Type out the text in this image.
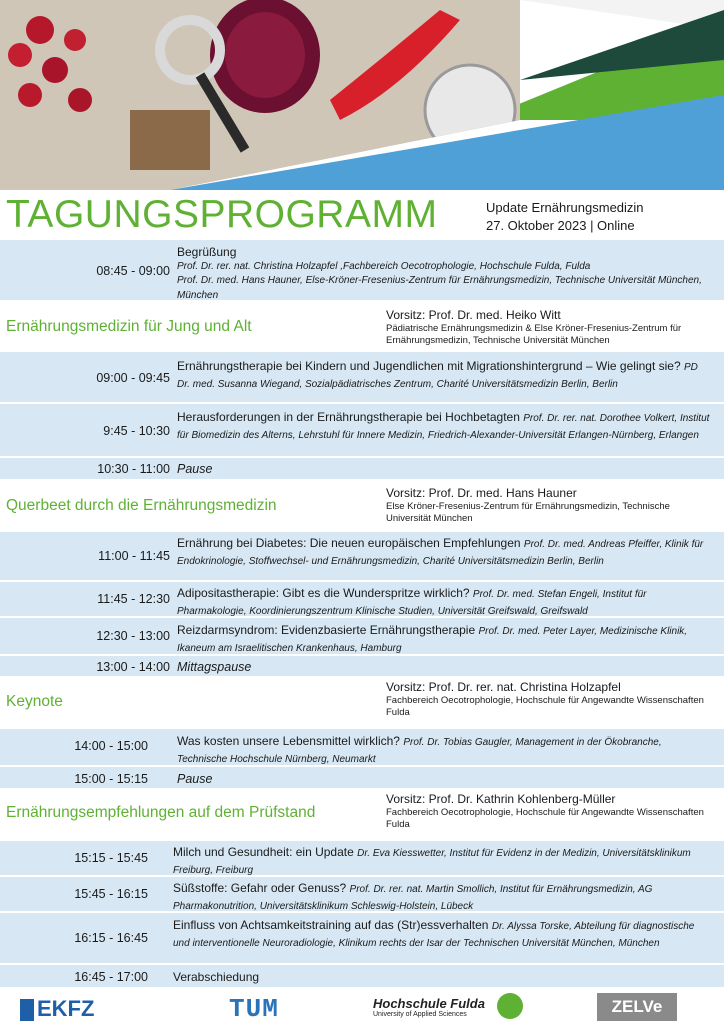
TAGUNGSPROGRAMM	Update Ernährungsmedizin
27. Oktober 2023 | Online
08:45 - 09:00
Begrüßung
Prof. Dr. rer. nat. Christina Holzapfel ,Fachbereich Oecotrophologie, Hochschule Fulda, Fulda
Prof. Dr. med. Hans Hauner, Else-Kröner-Fresenius-Zentrum für Ernährungsmedizin, Technische Universität München, München
Ernährungsmedizin für Jung und Alt
Vorsitz: Prof. Dr. med. Heiko Witt
Pädiatrische Ernährungsmedizin & Else Kröner-Fresenius-Zentrum für Ernährungsmedizin, Technische Universität München
09:00 - 09:45
Ernährungstherapie bei Kindern und Jugendlichen mit Migrationshintergrund – Wie gelingt sie? PD Dr. med. Susanna Wiegand, Sozialpädiatrisches Zentrum, Charité Universitätsmedizin Berlin, Berlin
9:45 - 10:30
Herausforderungen in der Ernährungstherapie bei Hochbetagten Prof. Dr. rer. nat. Dorothee Volkert, Institut für Biomedizin des Alterns, Lehrstuhl für Innere Medizin, Friedrich-Alexander-Universität Erlangen-Nürnberg, Erlangen
10:30 - 11:00 Pause
Querbeet durch die Ernährungsmedizin
Vorsitz: Prof. Dr. med. Hans Hauner
Else Kröner-Fresenius-Zentrum für Ernährungsmedizin, Technische Universität München
11:00 - 11:45
Ernährung bei Diabetes: Die neuen europäischen Empfehlungen Prof. Dr. med. Andreas Pfeiffer, Klinik für Endokrinologie, Stoffwechsel- und Ernährungsmedizin, Charité Universitätsmedizin Berlin, Berlin
11:45 - 12:30 Adipositastherapie: Gibt es die Wunderspritze wirklich? Prof. Dr. med. Stefan Engeli, Institut für Pharmakologie, Koordinierungszentrum Klinische Studien, Universität Greifswald, Greifswald
12:30 - 13:00 Reizdarmsyndrom: Evidenzbasierte Ernährungstherapie Prof. Dr. med. Peter Layer, Medizinische Klinik, Ikaneum am Israelitischen Krankenhaus, Hamburg
13:00 - 14:00 Mittagspause
Keynote
Vorsitz: Prof. Dr. rer. nat. Christina Holzapfel
Fachbereich Oecotrophologie, Hochschule für Angewandte Wissenschaften Fulda
14:00 - 15:00 Was kosten unsere Lebensmittel wirklich? Prof. Dr. Tobias Gaugler, Management in der Ökobranche, Technische Hochschule Nürnberg, Neumarkt
15:00 - 15:15 Pause
Ernährungsempfehlungen auf dem Prüfstand
Vorsitz: Prof. Dr. Kathrin Kohlenberg-Müller
Fachbereich Oecotrophologie, Hochschule für Angewandte Wissenschaften Fulda
15:15 - 15:45 Milch und Gesundheit: ein Update Dr. Eva Kiesswetter, Institut für Evidenz in der Medizin, Universitätsklinikum Freiburg, Freiburg
15:45 - 16:15 Süßstoffe: Gefahr oder Genuss? Prof. Dr. rer. nat. Martin Smollich, Institut für Ernährungsmedizin, AG Pharmakonutrition, Universitätsklinikum Schleswig-Holstein, Lübeck
16:15 - 16:45
Einfluss von Achtsamkeitstraining auf das (Str)essverhalten Dr. Alyssa Torske, Abteilung für diagnostische und interventionelle Neuroradiologie, Klinikum rechts der Isar der Technischen Universität München, München
16:45 - 17:00 Verabschiedung
EKFZ	TUM	Hochschule Fulda
University of Applied Sciences	ZELVe
